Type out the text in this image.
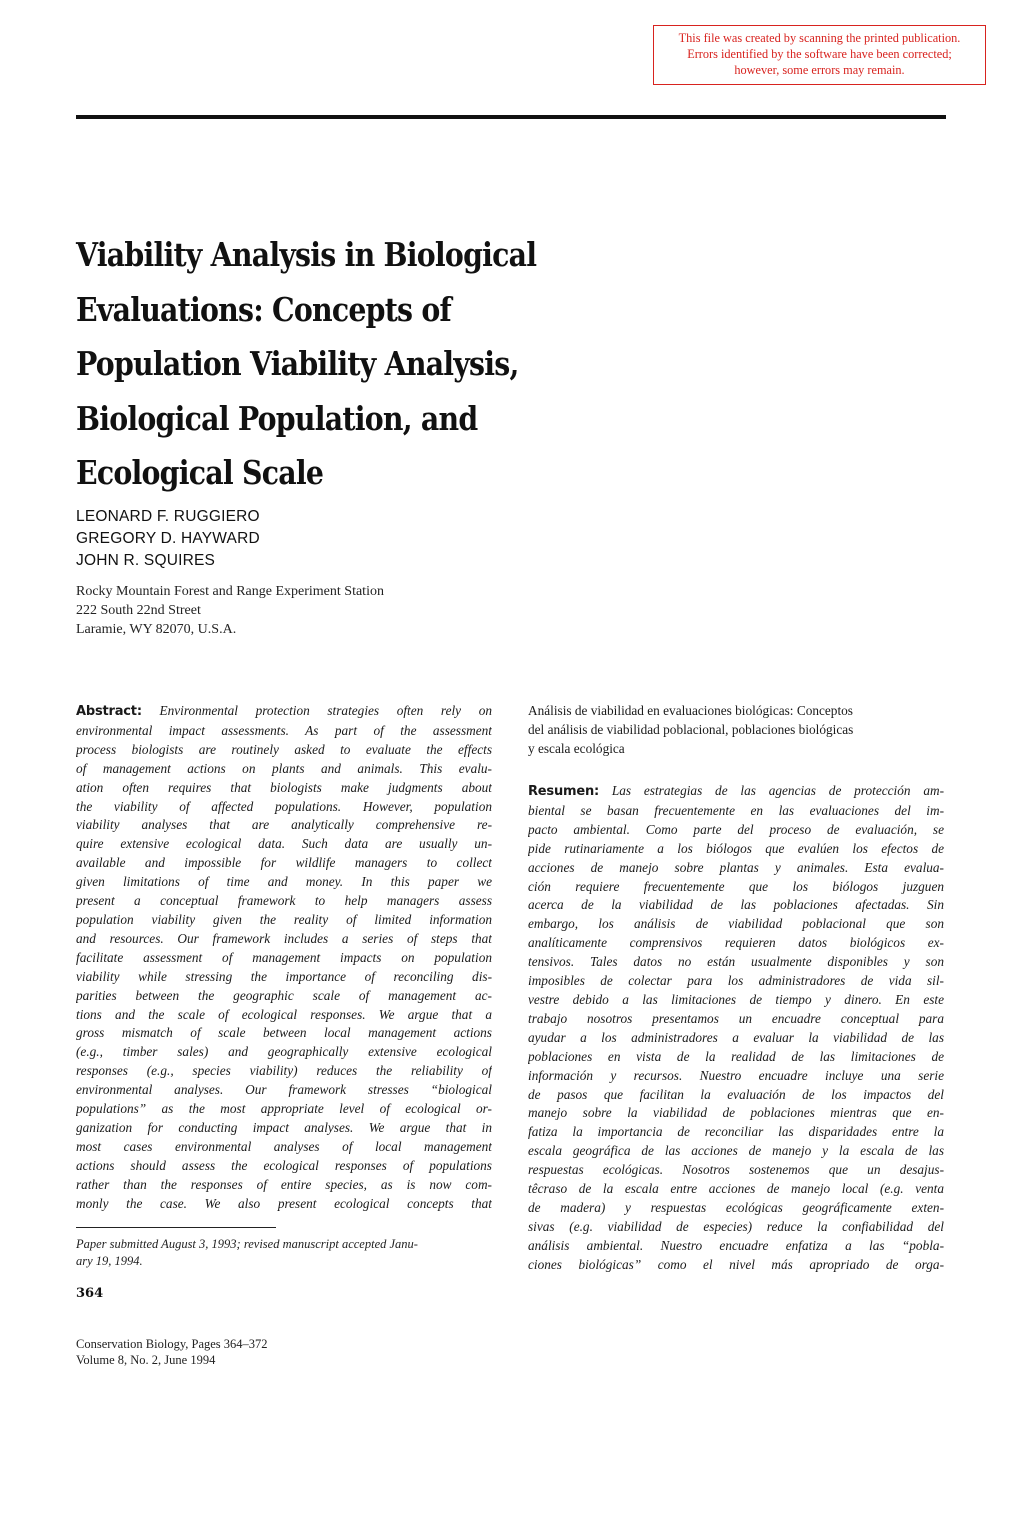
This file was created by scanning the printed publication.
Errors identified by the software have been corrected;
however, some errors may remain.
Viability Analysis in Biological
Evaluations: Concepts of
Population Viability Analysis,
Biological Population, and
Ecological Scale
LEONARD F. RUGGIERO
GREGORY D. HAYWARD
JOHN R. SQUIRES
Rocky Mountain Forest and Range Experiment Station
222 South 22nd Street
Laramie, WY 82070, U.S.A.
Abstract: Environmental protection strategies often rely on
environmental impact assessments. As part of the assessment
process biologists are routinely asked to evaluate the effects
of management actions on plants and animals. This evalu-
ation often requires that biologists make judgments about
the viability of affected populations. However, population
viability analyses that are analytically comprehensive re-
quire extensive ecological data. Such data are usually un-
available and impossible for wildlife managers to collect
given limitations of time and money. In this paper we
present a conceptual framework to help managers assess
population viability given the reality of limited information
and resources. Our framework includes a series of steps that
facilitate assessment of management impacts on population
viability while stressing the importance of reconciling dis-
parities between the geographic scale of management ac-
tions and the scale of ecological responses. We argue that a
gross mismatch of scale between local management actions
(e.g., timber sales) and geographically extensive ecological
responses (e.g., species viability) reduces the reliability of
environmental analyses. Our framework stresses “biological
populations” as the most appropriate level of ecological or-
ganization for conducting impact analyses. We argue that in
most cases environmental analyses of local management
actions should assess the ecological responses of populations
rather than the responses of entire species, as is now com-
monly the case. We also present ecological concepts that
Análisis de viabilidad en evaluaciones biológicas: Conceptos
del análisis de viabilidad poblacional, poblaciones biológicas
y escala ecológica
Resumen: Las estrategias de las agencias de protección am-
biental se basan frecuentemente en las evaluaciones del im-
pacto ambiental. Como parte del proceso de evaluación, se
pide rutinariamente a los biólogos que evalúen los efectos de
acciones de manejo sobre plantas y animales. Esta evalua-
ción requiere frecuentemente que los biólogos juzguen
acerca de la viabilidad de las poblaciones afectadas. Sin
embargo, los análisis de viabilidad poblacional que son
analíticamente comprensivos requieren datos biológicos ex-
tensivos. Tales datos no están usualmente disponibles y son
imposibles de colectar para los administradores de vida sil-
vestre debido a las limitaciones de tiempo y dinero. En este
trabajo nosotros presentamos un encuadre conceptual para
ayudar a los administradores a evaluar la viabilidad de las
poblaciones en vista de la realidad de las limitaciones de
información y recursos. Nuestro encuadre incluye una serie
de pasos que facilitan la evaluación de los impactos del
manejo sobre la viabilidad de poblaciones mientras que en-
fatiza la importancia de reconciliar las disparidades entre la
escala geográfica de las acciones de manejo y la escala de las
respuestas ecológicas. Nosotros sostenemos que un desajus-
têcraso de la escala entre acciones de manejo local (e.g. venta
de madera) y respuestas ecológicas geográficamente exten-
sivas (e.g. viabilidad de especies) reduce la confiabilidad del
análisis ambiental. Nuestro encuadre enfatiza a las “pobla-
ciones biológicas” como el nivel más apropriado de orga-
Paper submitted August 3, 1993; revised manuscript accepted Janu-
ary 19, 1994.
364
Conservation Biology, Pages 364–372
Volume 8, No. 2, June 1994
